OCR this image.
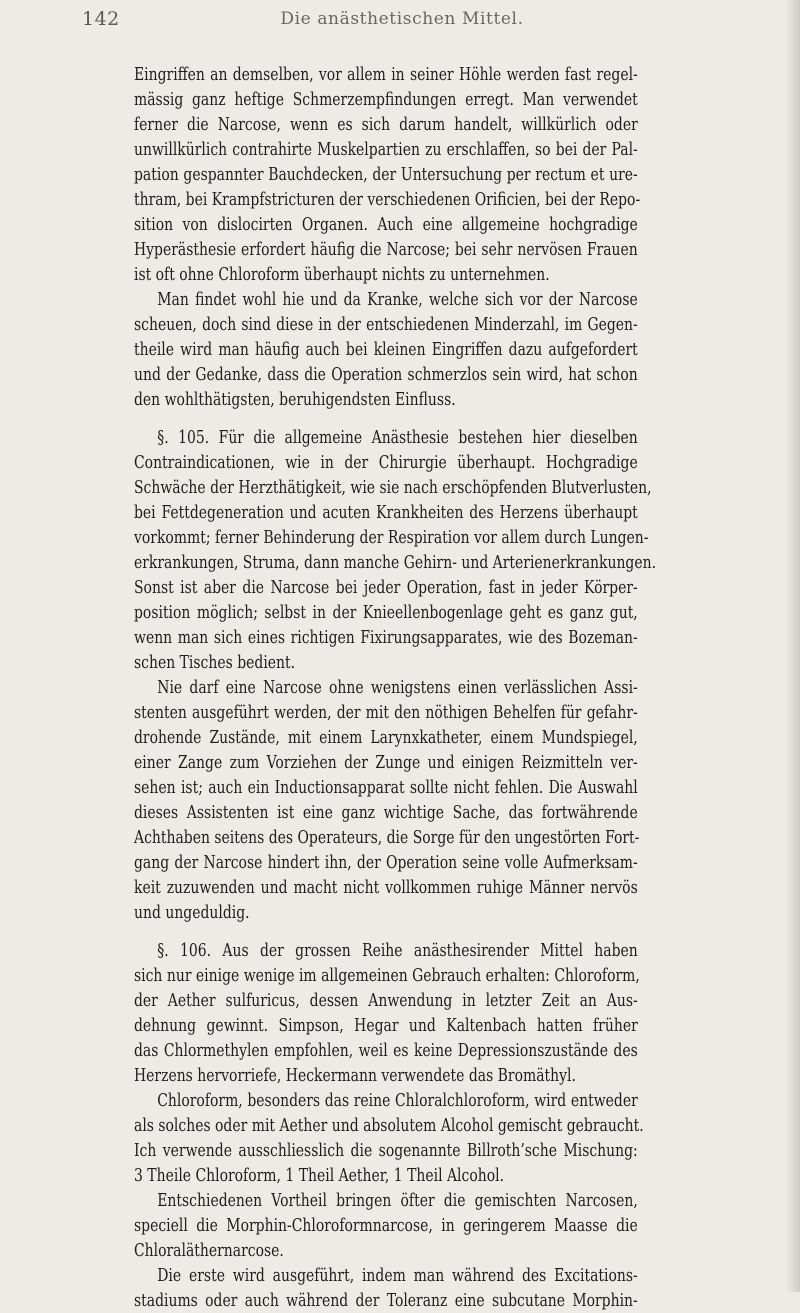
142	Die anästhetischen Mittel.
Eingriffen an demselben, vor allem in seiner Höhle werden fast regel-
mässig ganz heftige Schmerzempfindungen erregt. Man verwendet
ferner die Narcose, wenn es sich darum handelt, willkürlich oder
unwillkürlich contrahirte Muskelpartien zu erschlaffen, so bei der Pal-
pation gespannter Bauchdecken, der Untersuchung per rectum et ure-
thram, bei Krampfstricturen der verschiedenen Orificien, bei der Repo-
sition von dislocirten Organen. Auch eine allgemeine hochgradige
Hyperästhesie erfordert häufig die Narcose; bei sehr nervösen Frauen
ist oft ohne Chloroform überhaupt nichts zu unternehmen.
Man findet wohl hie und da Kranke, welche sich vor der Narcose
scheuen, doch sind diese in der entschiedenen Minderzahl, im Gegen-
theile wird man häufig auch bei kleinen Eingriffen dazu aufgefordert
und der Gedanke, dass die Operation schmerzlos sein wird, hat schon
den wohlthätigsten, beruhigendsten Einfluss.
§. 105. Für die allgemeine Anästhesie bestehen hier dieselben
Contraindicationen, wie in der Chirurgie überhaupt. Hochgradige
Schwäche der Herzthätigkeit, wie sie nach erschöpfenden Blutverlusten,
bei Fettdegeneration und acuten Krankheiten des Herzens überhaupt
vorkommt; ferner Behinderung der Respiration vor allem durch Lungen-
erkrankungen, Struma, dann manche Gehirn- und Arterienerkrankungen.
Sonst ist aber die Narcose bei jeder Operation, fast in jeder Körper-
position möglich; selbst in der Knieellenbogenlage geht es ganz gut,
wenn man sich eines richtigen Fixirungsapparates, wie des Bozeman-
schen Tisches bedient.
Nie darf eine Narcose ohne wenigstens einen verlässlichen Assi-
stenten ausgeführt werden, der mit den nöthigen Behelfen für gefahr-
drohende Zustände, mit einem Larynxkatheter, einem Mundspiegel,
einer Zange zum Vorziehen der Zunge und einigen Reizmitteln ver-
sehen ist; auch ein Inductionsapparat sollte nicht fehlen. Die Auswahl
dieses Assistenten ist eine ganz wichtige Sache, das fortwährende
Achthaben seitens des Operateurs, die Sorge für den ungestörten Fort-
gang der Narcose hindert ihn, der Operation seine volle Aufmerksam-
keit zuzuwenden und macht nicht vollkommen ruhige Männer nervös
und ungeduldig.
§. 106. Aus der grossen Reihe anästhesirender Mittel haben
sich nur einige wenige im allgemeinen Gebrauch erhalten: Chloroform,
der Aether sulfuricus, dessen Anwendung in letzter Zeit an Aus-
dehnung gewinnt. Simpson, Hegar und Kaltenbach hatten früher
das Chlormethylen empfohlen, weil es keine Depressionszustände des
Herzens hervorriefe, Heckermann verwendete das Bromäthyl.
Chloroform, besonders das reine Chloralchloroform, wird entweder
als solches oder mit Aether und absolutem Alcohol gemischt gebraucht.
Ich verwende ausschliesslich die sogenannte Billroth’sche Mischung:
3 Theile Chloroform, 1 Theil Aether, 1 Theil Alcohol.
Entschiedenen Vortheil bringen öfter die gemischten Narcosen,
speciell die Morphin-Chloroformnarcose, in geringerem Maasse die
Chloraläthernarcose.
Die erste wird ausgeführt, indem man während des Excitations-
stadiums oder auch während der Toleranz eine subcutane Morphin-
